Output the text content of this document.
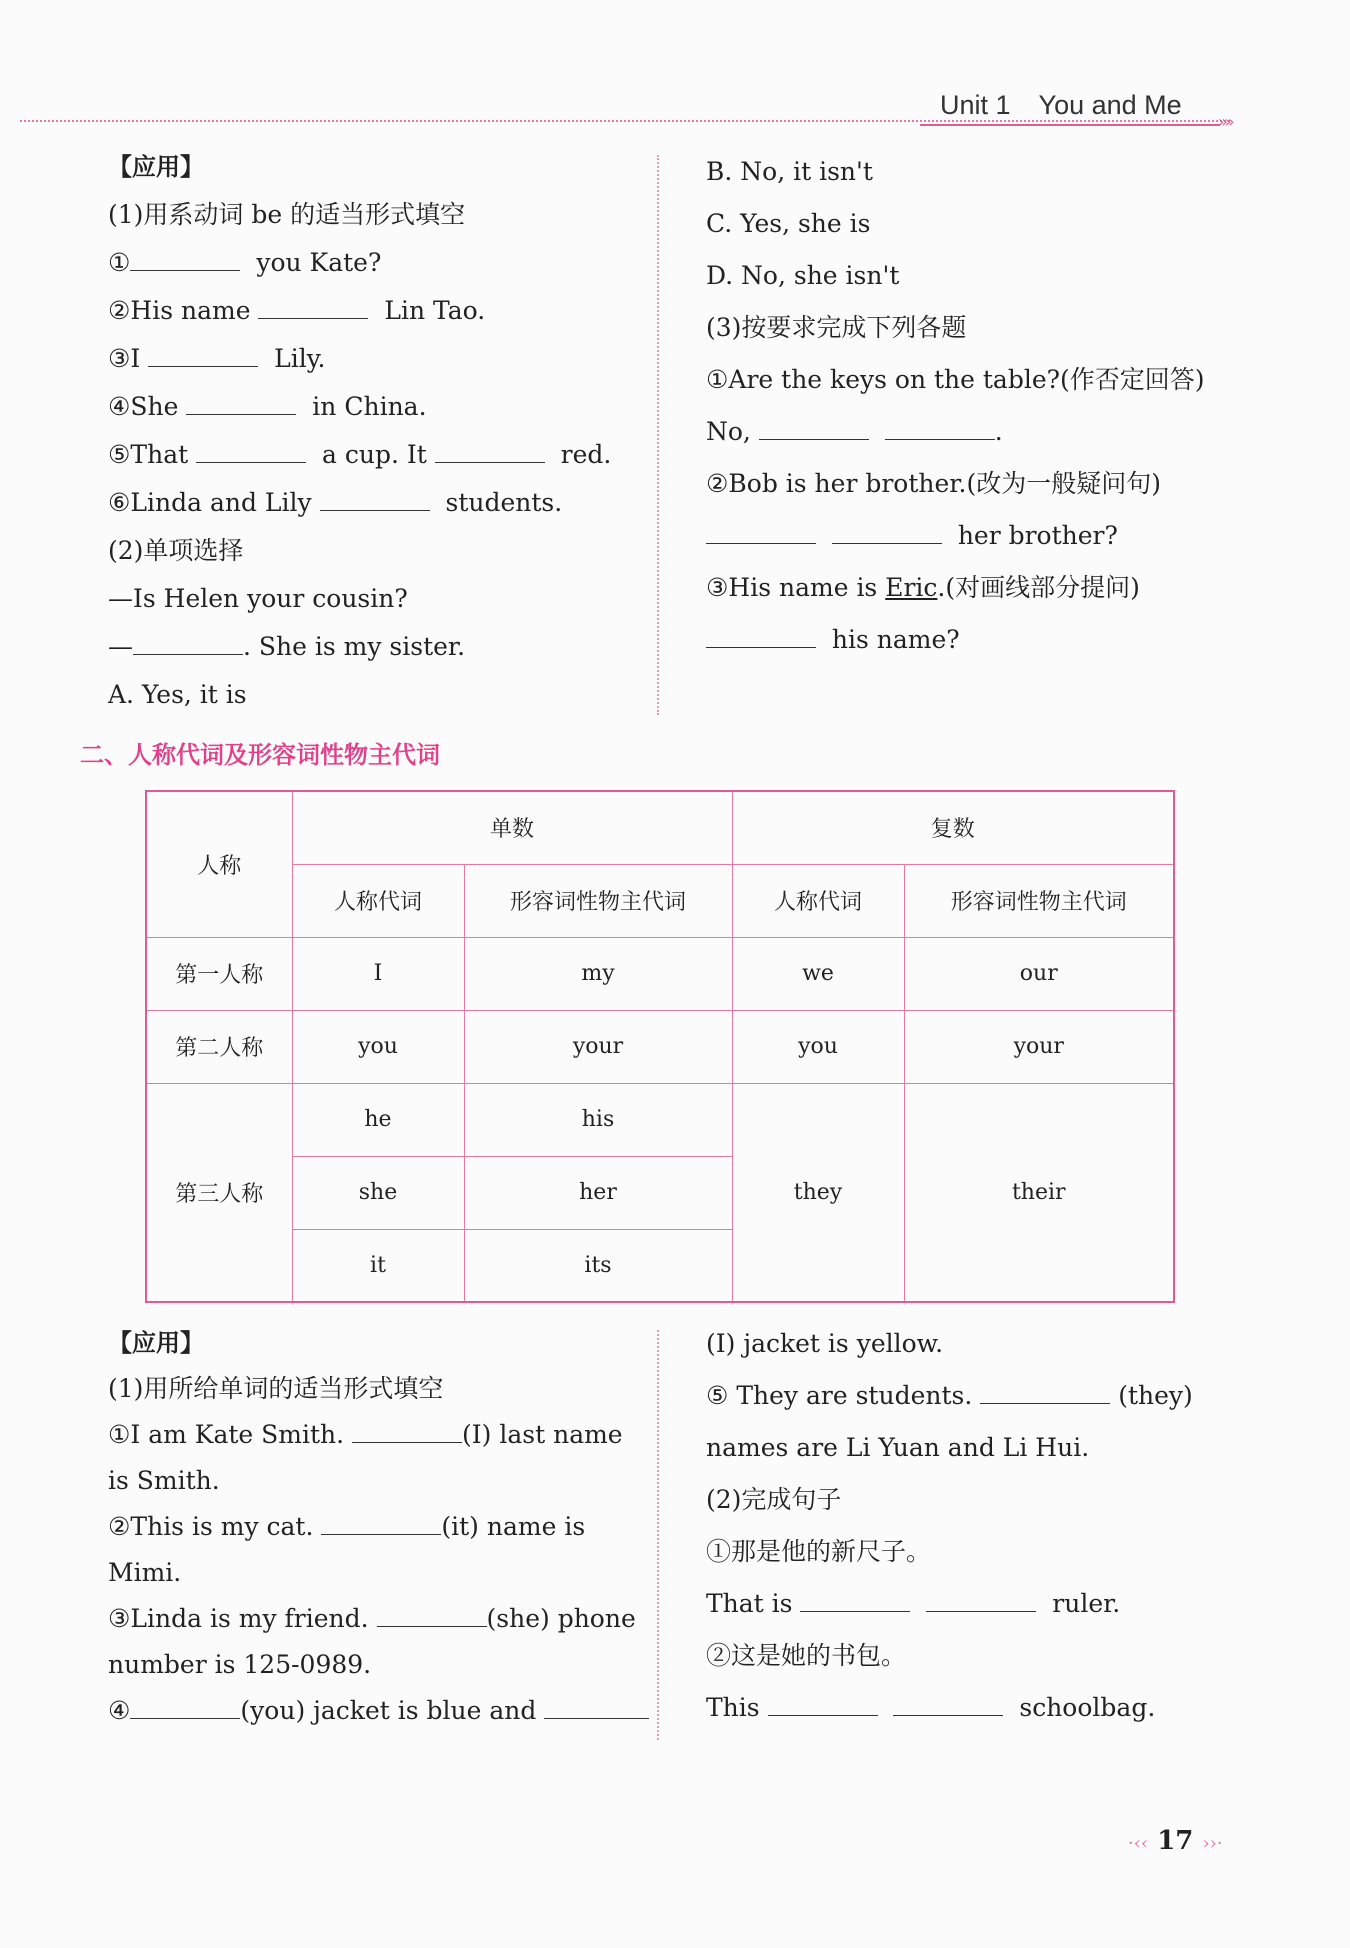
Unit 1 You and Me
»»
【应用】
(1)用系动词 be 的适当形式填空
①	you Kate?
②His name	Lin Tao.
③I	Lily.
④She	in China.
⑤That	a cup. It	red.
⑥Linda and Lily	students.
(2)单项选择
—Is Helen your cousin?
—	. She is my sister.
A. Yes, it is
B. No, it isn't
C. Yes, she is
D. No, she isn't
(3)按要求完成下列各题
①Are the keys on the table?(作否定回答)
No,	.
②Bob is her brother.(改为一般疑问句)
her brother?
③His name is Eric.(对画线部分提问)
his name?
二、人称代词及形容词性物主代词
人称	单数		复数	
	人称代词	形容词性物主代词	人称代词	形容词性物主代词
第一人称	I	my	we	our
第二人称	you	your	you	your
第三人称	he	his	they	their
	she	her		
	it	its		
【应用】
(1)用所给单词的适当形式填空
①I am Kate Smith.	(I) last name
is Smith.
②This is my cat.	(it) name is
Mimi.
③Linda is my friend.	(she) phone
number is 125-0989.
④	(you) jacket is blue and
(I) jacket is yellow.
⑤ They are students.	(they)
names are Li Yuan and Li Hui.
(2)完成句子
①那是他的新尺子。
That is	ruler.
②这是她的书包。
This	schoolbag.
·‹‹ 17 ››·
